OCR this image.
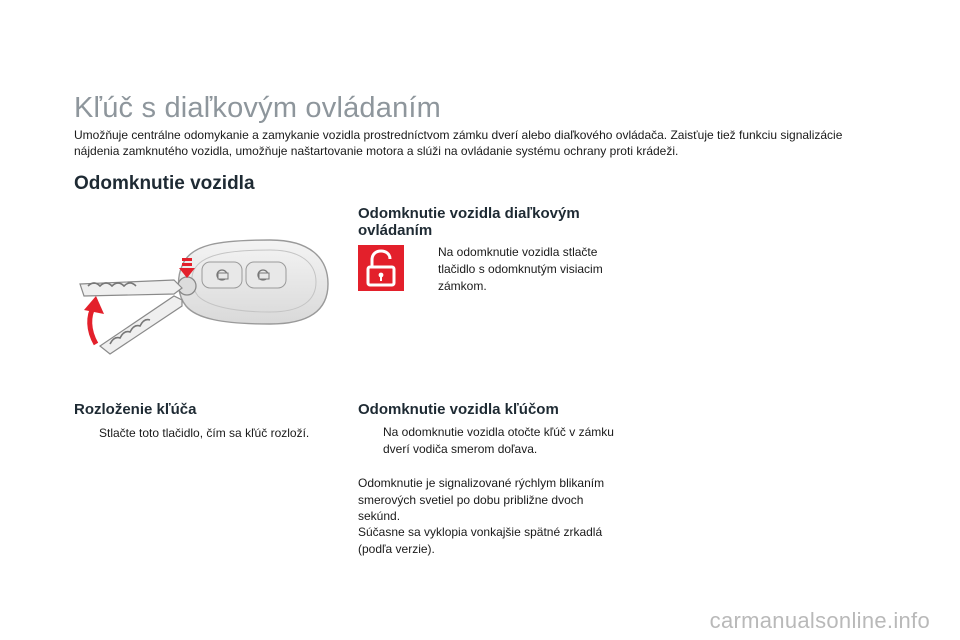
Kľúč s diaľkovým ovládaním

Umožňuje centrálne odomykanie a zamykanie vozidla prostredníctvom zámku dverí alebo diaľkového ovládača. Zaisťuje tiež funkciu signalizácie nájdenia zamknutého vozidla, umožňuje naštartovanie motora a slúži na ovládanie systému ochrany proti krádeži.

Odomknutie vozidla
Odomknutie vozidla diaľkovým ovládaním
Na odomknutie vozidla stlačte tlačidlo s odomknutým visiacim zámkom.
Rozloženie kľúča
Stlačte toto tlačidlo, čím sa kľúč rozloží.
Odomknutie vozidla kľúčom
Na odomknutie vozidla otočte kľúč v zámku dverí vodiča smerom doľava.

Odomknutie je signalizované rýchlym blikaním smerových svetiel po dobu približne dvoch sekúnd.

Súčasne sa vyklopia vonkajšie spätné zrkadlá (podľa verzie).

carmanualsonline.info
